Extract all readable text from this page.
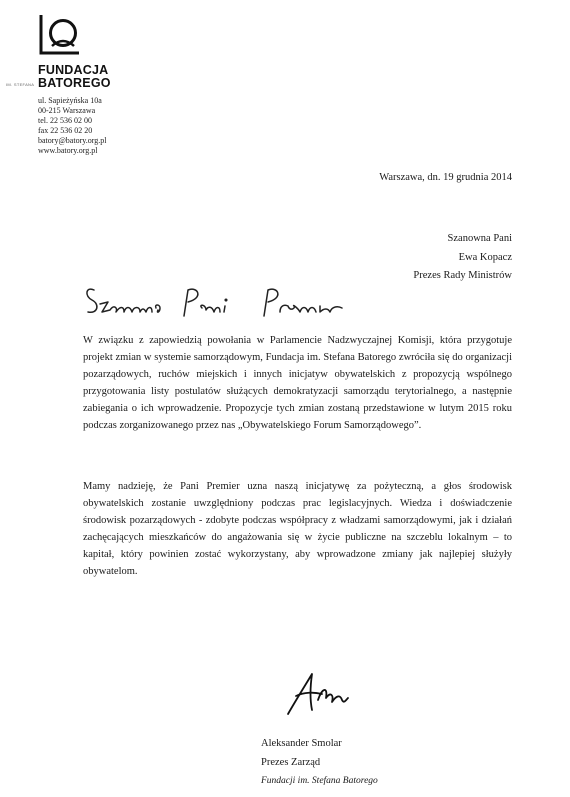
IM. STEFANA
FUNDACJA
BATOREGO
ul. Sapieżyńska 10a
00-215 Warszawa
tel. 22 536 02 00
fax 22 536 02 20
batory@batory.org.pl
www.batory.org.pl
Warszawa, dn. 19 grudnia 2014
Szanowna Pani
Ewa Kopacz
Prezes Rady Ministrów
W związku z zapowiedzią powołania w Parlamencie Nadzwyczajnej Komisji, która przygotuje projekt zmian w systemie samorządowym, Fundacja im. Stefana Batorego zwróciła się do organizacji pozarządowych, ruchów miejskich i innych inicjatyw obywatelskich z propozycją wspólnego przygotowania listy postulatów służących demokratyzacji samorządu terytorialnego, a następnie zabiegania o ich wprowadzenie. Propozycje tych zmian zostaną przedstawione w lutym 2015 roku podczas zorganizowanego przez nas „Obywatelskiego Forum Samorządowego”.
Mamy nadzieję, że Pani Premier uzna naszą inicjatywę za pożyteczną, a głos środowisk obywatelskich zostanie uwzględniony podczas prac legislacyjnych. Wiedza i doświadczenie środowisk pozarządowych - zdobyte podczas współpracy z władzami samorządowymi, jak i działań zachęcających mieszkańców do angażowania się w życie publiczne na szczeblu lokalnym – to kapitał, który powinien zostać wykorzystany, aby wprowadzone zmiany jak najlepiej służyły obywatelom.
Aleksander Smolar
Prezes Zarząd
Fundacji im. Stefana Batorego
